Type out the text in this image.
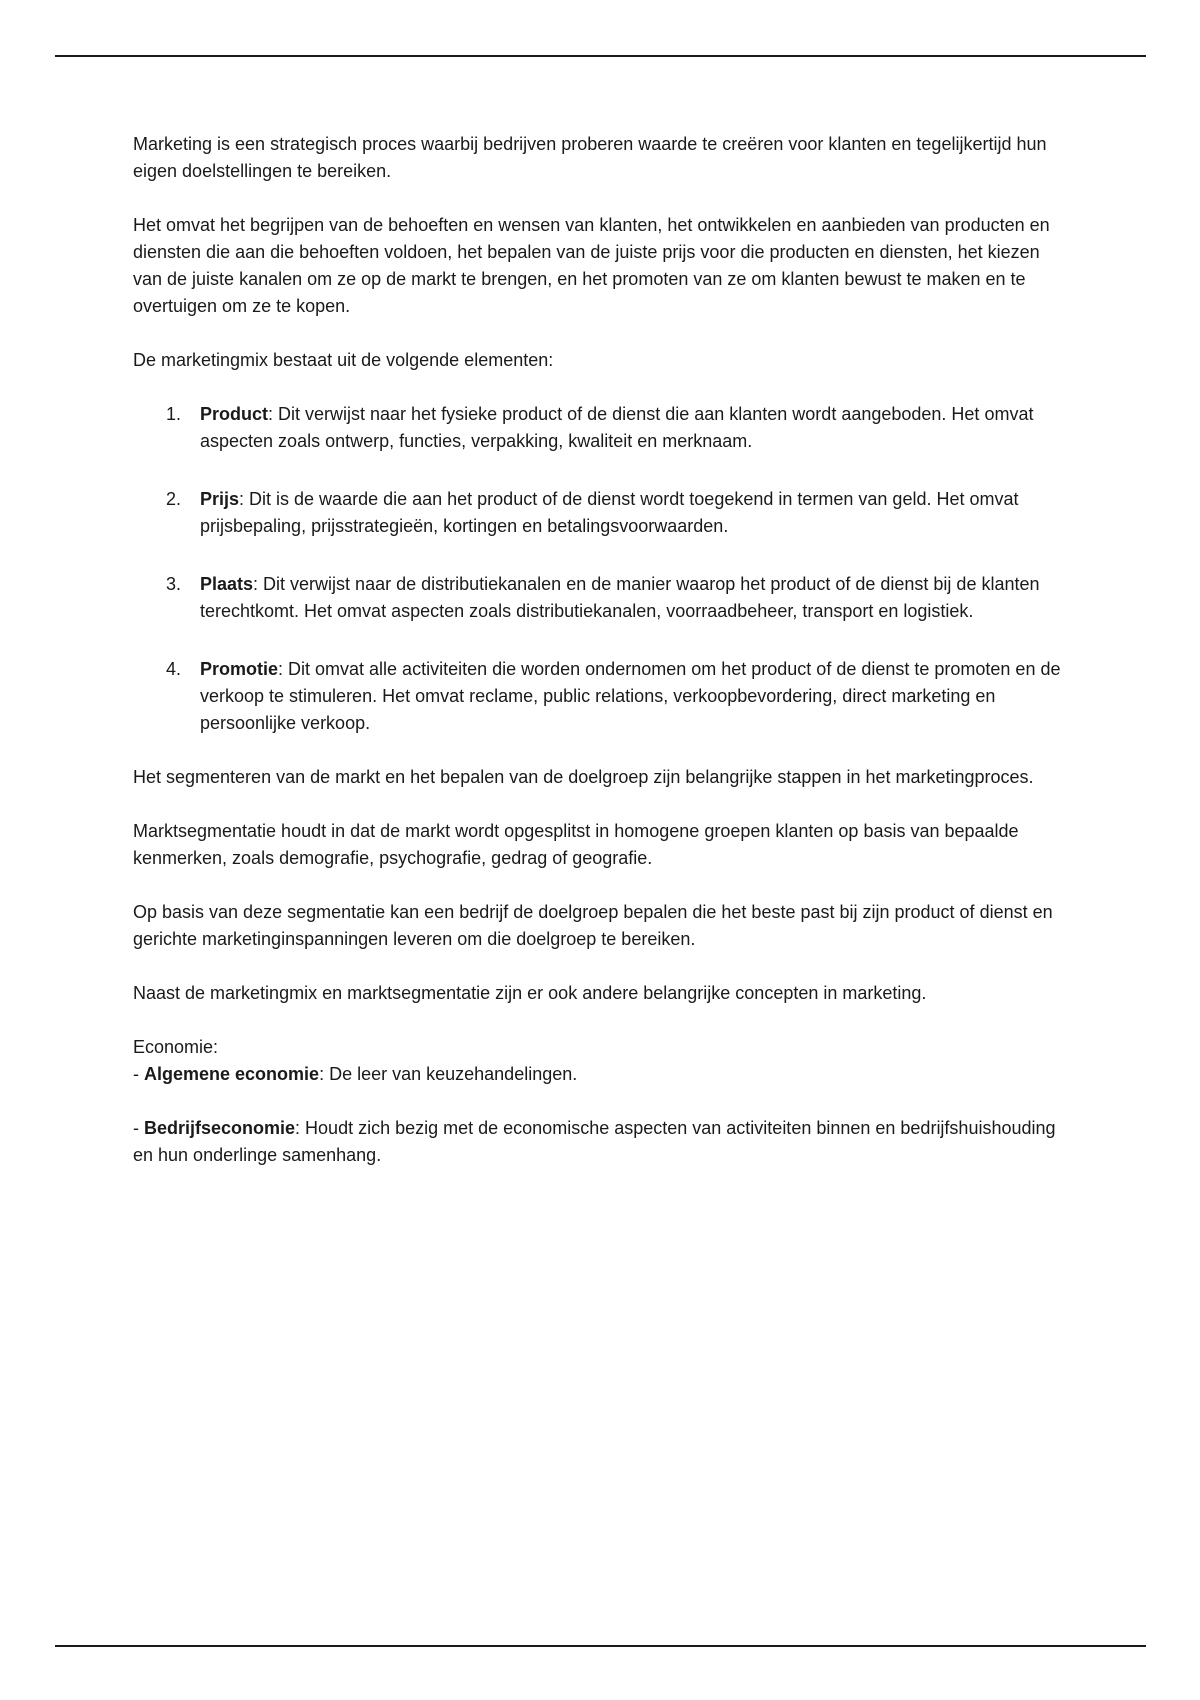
Marketing is een strategisch proces waarbij bedrijven proberen waarde te creëren voor klanten en tegelijkertijd hun eigen doelstellingen te bereiken.

Het omvat het begrijpen van de behoeften en wensen van klanten, het ontwikkelen en aanbieden van producten en diensten die aan die behoeften voldoen, het bepalen van de juiste prijs voor die producten en diensten, het kiezen van de juiste kanalen om ze op de markt te brengen, en het promoten van ze om klanten bewust te maken en te overtuigen om ze te kopen.

De marketingmix bestaat uit de volgende elementen:

1.	Product: Dit verwijst naar het fysieke product of de dienst die aan klanten wordt aangeboden. Het omvat aspecten zoals ontwerp, functies, verpakking, kwaliteit en merknaam.
2.	Prijs: Dit is de waarde die aan het product of de dienst wordt toegekend in termen van geld. Het omvat prijsbepaling, prijsstrategieën, kortingen en betalingsvoorwaarden.
3.	Plaats: Dit verwijst naar de distributiekanalen en de manier waarop het product of de dienst bij de klanten terechtkomt. Het omvat aspecten zoals distributiekanalen, voorraadbeheer, transport en logistiek.
4.	Promotie: Dit omvat alle activiteiten die worden ondernomen om het product of de dienst te promoten en de verkoop te stimuleren. Het omvat reclame, public relations, verkoopbevordering, direct marketing en persoonlijke verkoop.

Het segmenteren van de markt en het bepalen van de doelgroep zijn belangrijke stappen in het marketingproces.

Marktsegmentatie houdt in dat de markt wordt opgesplitst in homogene groepen klanten op basis van bepaalde kenmerken, zoals demografie, psychografie, gedrag of geografie.

Op basis van deze segmentatie kan een bedrijf de doelgroep bepalen die het beste past bij zijn product of dienst en gerichte marketinginspanningen leveren om die doelgroep te bereiken.

Naast de marketingmix en marktsegmentatie zijn er ook andere belangrijke concepten in marketing.

Economie:

- Algemene economie: De leer van keuzehandelingen.

- Bedrijfseconomie: Houdt zich bezig met de economische aspecten van activiteiten binnen en bedrijfshuishouding en hun onderlinge samenhang.
